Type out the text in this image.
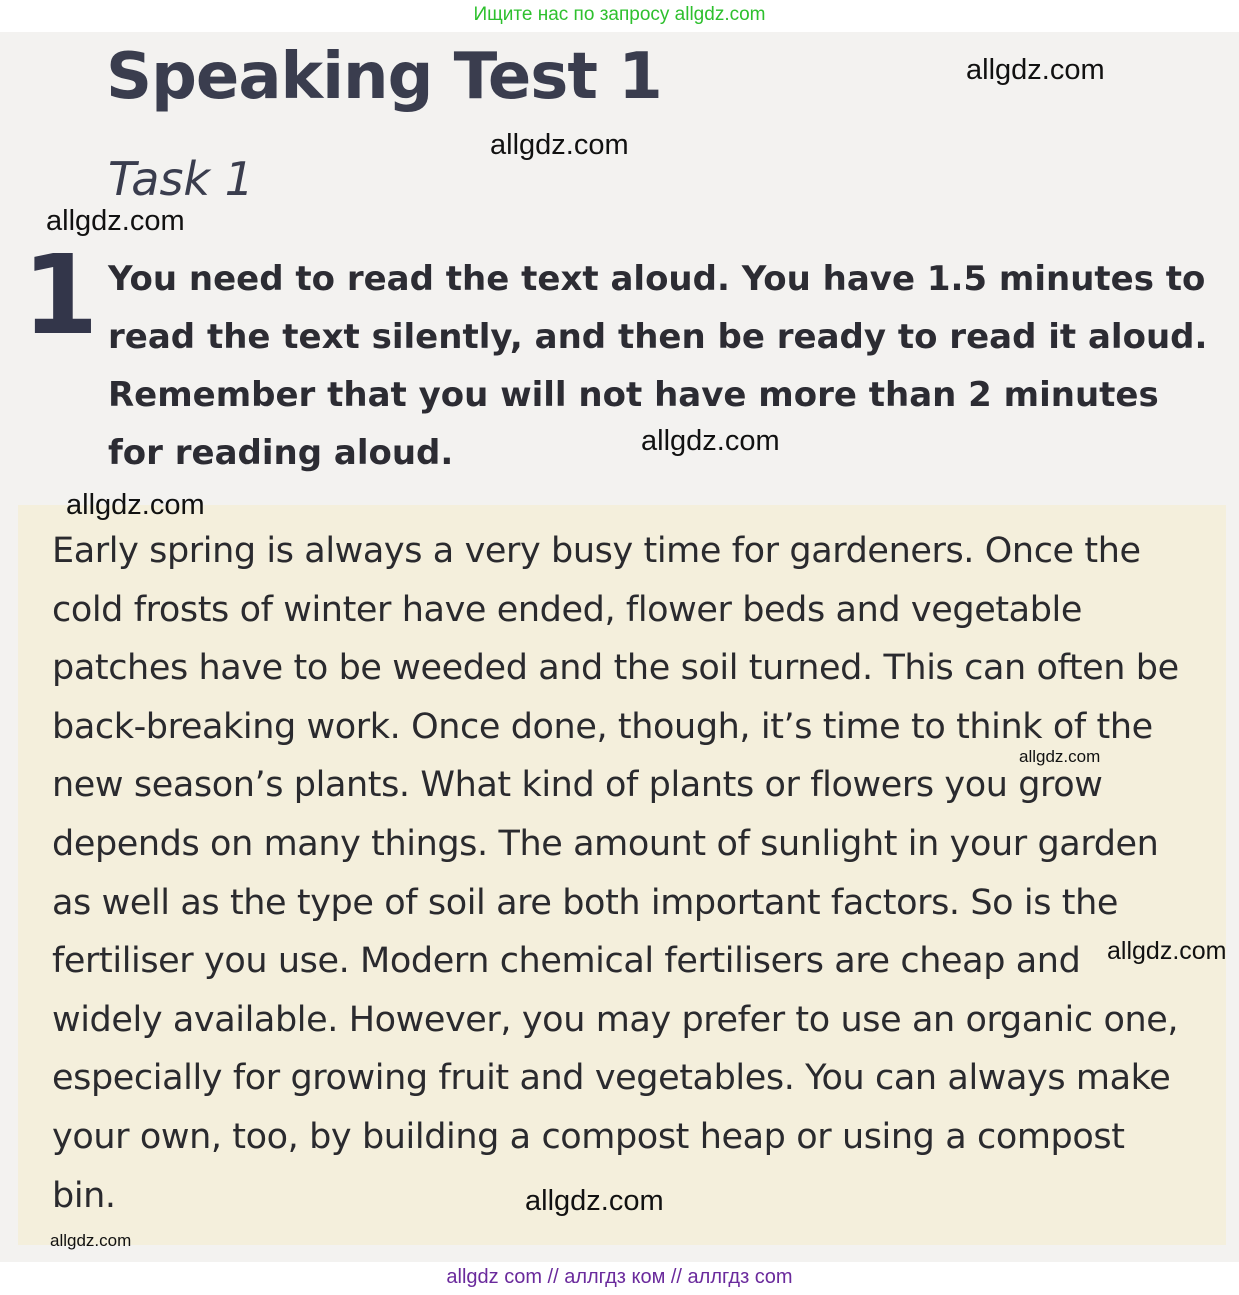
Ищите нас по запросу allgdz.com

Speaking Test 1
Task 1
1 You need to read the text aloud. You have 1.5 minutes to read the text silently, and then be ready to read it aloud. Remember that you will not have more than 2 minutes for reading aloud.

Early spring is always a very busy time for gardeners. Once the cold frosts of winter have ended, flower beds and vegetable patches have to be weeded and the soil turned. This can often be back-breaking work. Once done, though, it’s time to think of the new season’s plants. What kind of plants or flowers you grow depends on many things. The amount of sunlight in your garden as well as the type of soil are both important factors. So is the fertiliser you use. Modern chemical fertilisers are cheap and widely available. However, you may prefer to use an organic one, especially for growing fruit and vegetables. You can always make your own, too, by building a compost heap or using a compost bin.

allgdz.com
allgdz.com
allgdz.com
allgdz.com
allgdz.com
allgdz.com
allgdz.com
allgdz.com
allgdz.com
allgdz com // аллгдз ком // аллгдз com
